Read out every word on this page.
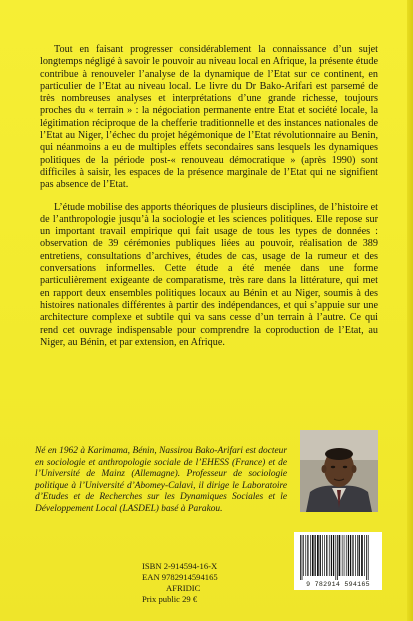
Tout en faisant progresser considérablement la connaissance d’un sujet longtemps négligé à savoir le pouvoir au niveau local en Afrique, la présente étude contribue à renouveler l’analyse de la dynamique de l’Etat sur ce continent, en particulier de l’Etat au niveau local. Le livre du Dr Bako-Arifari est parsemé de très nombreuses analyses et interprétations d’une grande richesse, toujours proches du « terrain » : la négociation permanente entre Etat et société locale, la légitimation réciproque de la chefferie traditionnelle et des instances nationales de l’Etat au Niger, l’échec du projet hégémonique de l’Etat révolutionnaire au Benin, qui néanmoins a eu de multiples effets secondaires sans lesquels les dynamiques politiques de la période post-« renouveau démocratique » (après 1990) sont difficiles à saisir, les espaces de la présence marginale de l’Etat qui ne signifient pas absence de l’Etat.

L’étude mobilise des apports théoriques de plusieurs disciplines, de l’histoire et de l’anthropologie jusqu’à la sociologie et les sciences politiques. Elle repose sur un important travail empirique qui fait usage de tous les types de données : observation de 39 cérémonies publiques liées au pouvoir, réalisation de 389 entretiens, consultations d’archives, études de cas, usage de la rumeur et des conversations informelles. Cette étude a été menée dans une forme particulièrement exigeante de comparatisme, très rare dans la littérature, qui met en rapport deux ensembles politiques locaux au Bénin et au Niger, soumis à des histoires nationales différentes à partir des indépendances, et qui s’appuie sur une architecture complexe et subtile qui va sans cesse d’un terrain à l’autre. Ce qui rend cet ouvrage indispensable pour comprendre la coproduction de l’Etat, au Niger, au Bénin, et par extension, en Afrique.

Né en 1962 à Karimama, Bénin, Nassirou Bako-Arifari est docteur en sociologie et anthropologie sociale de l’EHESS (France) et de l’Université de Mainz (Allemagne). Professeur de sociologie politique à l’Université d’Abomey-Calavi, il dirige le Laboratoire d’Etudes et de Recherches sur les Dynamiques Sociales et le Développement Local (LASDEL) basé à Parakou.

ISBN 2-914594-16-X
EAN 9782914594165
AFRIDIC
Prix public 29 €
9 782914 594165
